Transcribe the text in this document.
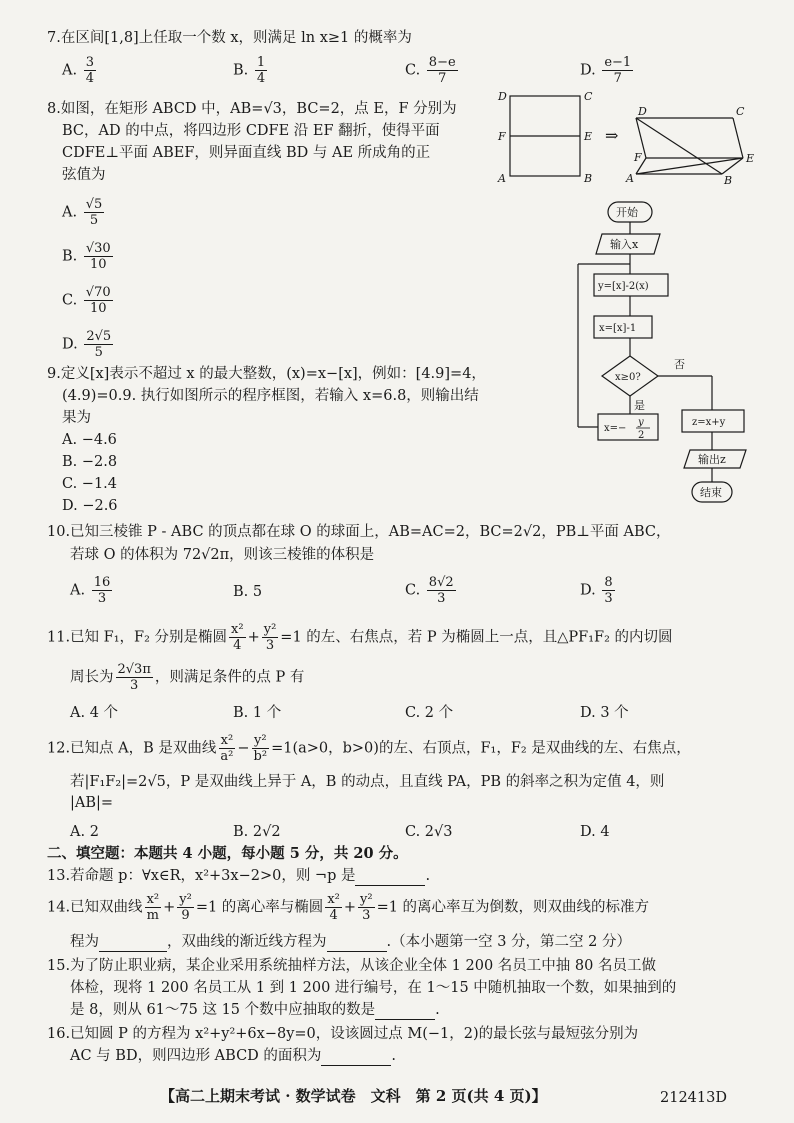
7.在区间[1,8]上任取一个数 x，则满足 ln x≥1 的概率为
A. $\frac{3}{4}$	B. $\frac{1}{4}$	C. $\frac{8-e}{7}$	D. $\frac{e-1}{7}$
8.如图，在矩形 ABCD 中，AB=√3，BC=2，点 E，F 分别为
BC，AD 的中点，将四边形 CDFE 沿 EF 翻折，使得平面
CDFE⊥平面 ABEF，则异面直线 BD 与 AE 所成角的正
弦值为
A. $\frac{√5}{5}$
B. $\frac{√30}{10}$
C. $\frac{√70}{10}$
D. $\frac{2√5}{5}$
D	C
F	E
A	B
D	C
F	E
A	B
⇒
开始
输入x
y=[x]-2(x)
x=[x]-1
x≥0?
是
否
x=−
y
2
z=x+y
输出z
结束
9.定义[x]表示不超过 x 的最大整数，(x)=x−[x]，例如：[4.9]=4，
(4.9)=0.9. 执行如图所示的程序框图，若输入 x=6.8，则输出结
果为
A. −4.6
B. −2.8
C. −1.4
D. −2.6
10.已知三棱锥 P - ABC 的顶点都在球 O 的球面上，AB=AC=2，BC=2√2，PB⊥平面 ABC，
若球 O 的体积为 72√2π，则该三棱锥的体积是
A. $\frac{16}{3}$	B. 5	C. $\frac{8√2}{3}$	D. $\frac{8}{3}$
11.已知 F₁，F₂ 分别是椭圆 $\frac{\text{x²}}{4} + \frac{\text{y²}}{3} =1$ 的左、右焦点，若 P 为椭圆上一点，且△PF₁F₂ 的内切圆
周长为 $\frac{2√3\pi}{3}$ ，则满足条件的点 P 有
A. 4 个	B. 1 个	C. 2 个	D. 3 个
12.已知点 A，B 是双曲线 $\frac{\text{x²}}{\text{a²}} - \frac{\text{y²}}{\text{b²}} =1(a>0$，b>0)的左、右顶点，F₁，F₂ 是双曲线的左、右焦点，
若|F₁F₂|=2√5，P 是双曲线上异于 A，B 的动点，且直线 PA，PB 的斜率之积为定值 4，则
|AB|=
A. 2	B. 2√2	C. 2√3	D. 4
二、填空题：本题共 4 小题，每小题 5 分，共 20 分。
13.若命题 p：∀x∈R，x²+3x−2>0，则 ¬p 是	.
14.已知双曲线 $\frac{\text{x²}}{m} + \frac{\text{y²}}{9} =1$ 的离心率与椭圆 $\frac{\text{x²}}{4} + \frac{\text{y²}}{3} =1$ 的离心率互为倒数，则双曲线的标准方
程为	，双曲线的渐近线方程为	.（本小题第一空 3 分，第二空 2 分）
15.为了防止职业病，某企业采用系统抽样方法，从该企业全体 1 200 名员工中抽 80 名员工做
体检，现将 1 200 名员工从 1 到 1 200 进行编号，在 1～15 中随机抽取一个数，如果抽到的
是 8，则从 61～75 这 15 个数中应抽取的数是	.
16.已知圆 P 的方程为 x²+y²+6x−8y=0，设该圆过点 M(−1，2)的最长弦与最短弦分别为
AC 与 BD，则四边形 ABCD 的面积为	.
【高二上期末考试 · 数学试卷　文科　第 2 页(共 4 页)】	212413D
